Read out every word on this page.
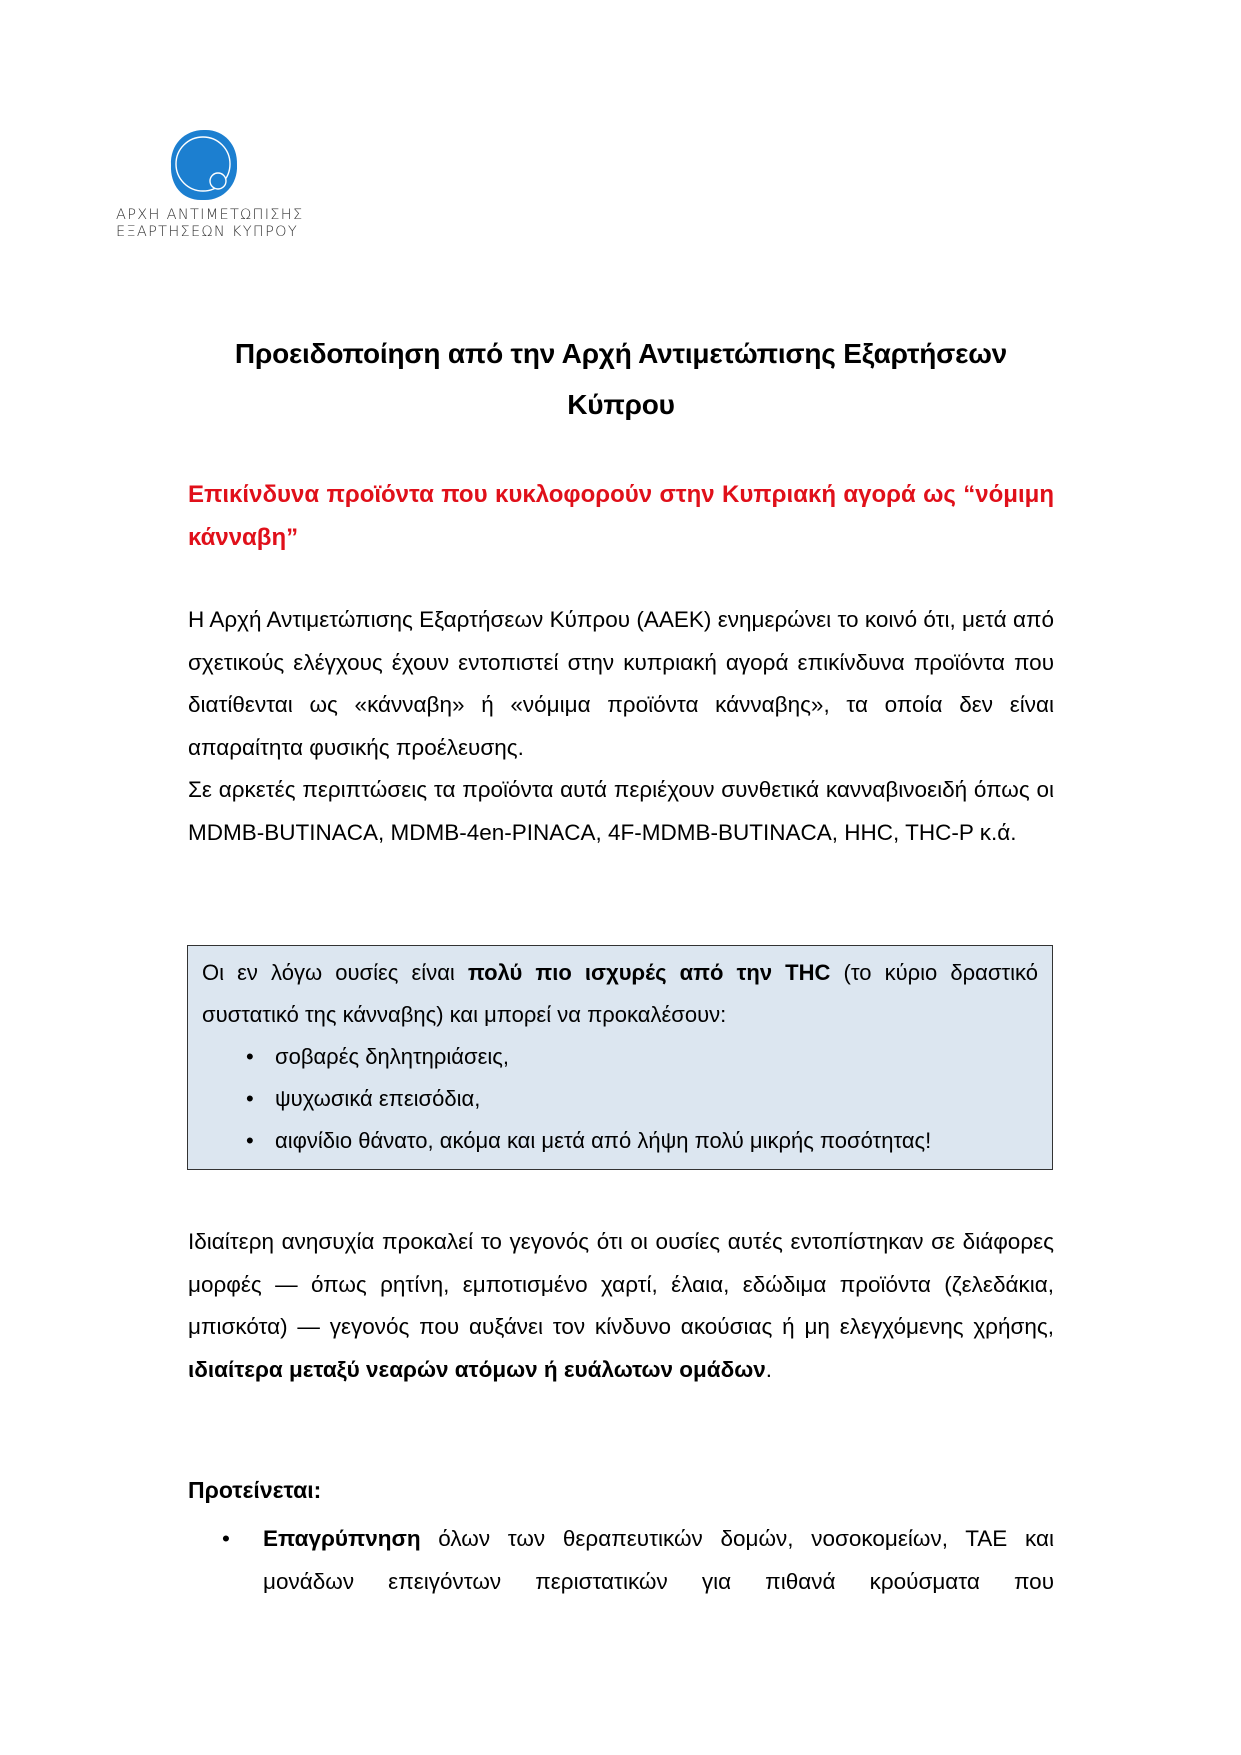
ΑΡΧΗ ΑΝΤΙΜΕΤΩΠΙΣΗΣ
ΕΞΑΡΤΗΣΕΩΝ ΚΥΠΡΟΥ
Προειδοποίηση από την Αρχή Αντιμετώπισης Εξαρτήσεων
Κύπρου
Επικίνδυνα προϊόντα που κυκλοφορούν στην Κυπριακή αγορά ως “νόμιμη κάνναβη”
Η Αρχή Αντιμετώπισης Εξαρτήσεων Κύπρου (ΑΑΕΚ) ενημερώνει το κοινό ότι, μετά από σχετικούς ελέγχους έχουν εντοπιστεί στην κυπριακή αγορά επικίνδυνα προϊόντα που διατίθενται ως «κάνναβη» ή «νόμιμα προϊόντα κάνναβης», τα οποία δεν είναι απαραίτητα φυσικής προέλευσης.
Σε αρκετές περιπτώσεις τα προϊόντα αυτά περιέχουν συνθετικά κανναβινοειδή όπως οι MDMB-BUTINACA, MDMB-4en-PINACA, 4F-MDMB-BUTINACA, HHC, THC-P κ.ά.
Οι εν λόγω ουσίες είναι πολύ πιο ισχυρές από την THC (το κύριο δραστικό συστατικό της κάνναβης) και μπορεί να προκαλέσουν:
• σοβαρές δηλητηριάσεις,
• ψυχωσικά επεισόδια,
• αιφνίδιο θάνατο, ακόμα και μετά από λήψη πολύ μικρής ποσότητας!
Ιδιαίτερη ανησυχία προκαλεί το γεγονός ότι οι ουσίες αυτές εντοπίστηκαν σε διάφορες μορφές — όπως ρητίνη, εμποτισμένο χαρτί, έλαια, εδώδιμα προϊόντα (ζελεδάκια, μπισκότα) — γεγονός που αυξάνει τον κίνδυνο ακούσιας ή μη ελεγχόμενης χρήσης, ιδιαίτερα μεταξύ νεαρών ατόμων ή ευάλωτων ομάδων.
Προτείνεται:
• Επαγρύπνηση όλων των θεραπευτικών δομών, νοσοκομείων, ΤΑΕ και μονάδων επειγόντων περιστατικών για πιθανά κρούσματα που
